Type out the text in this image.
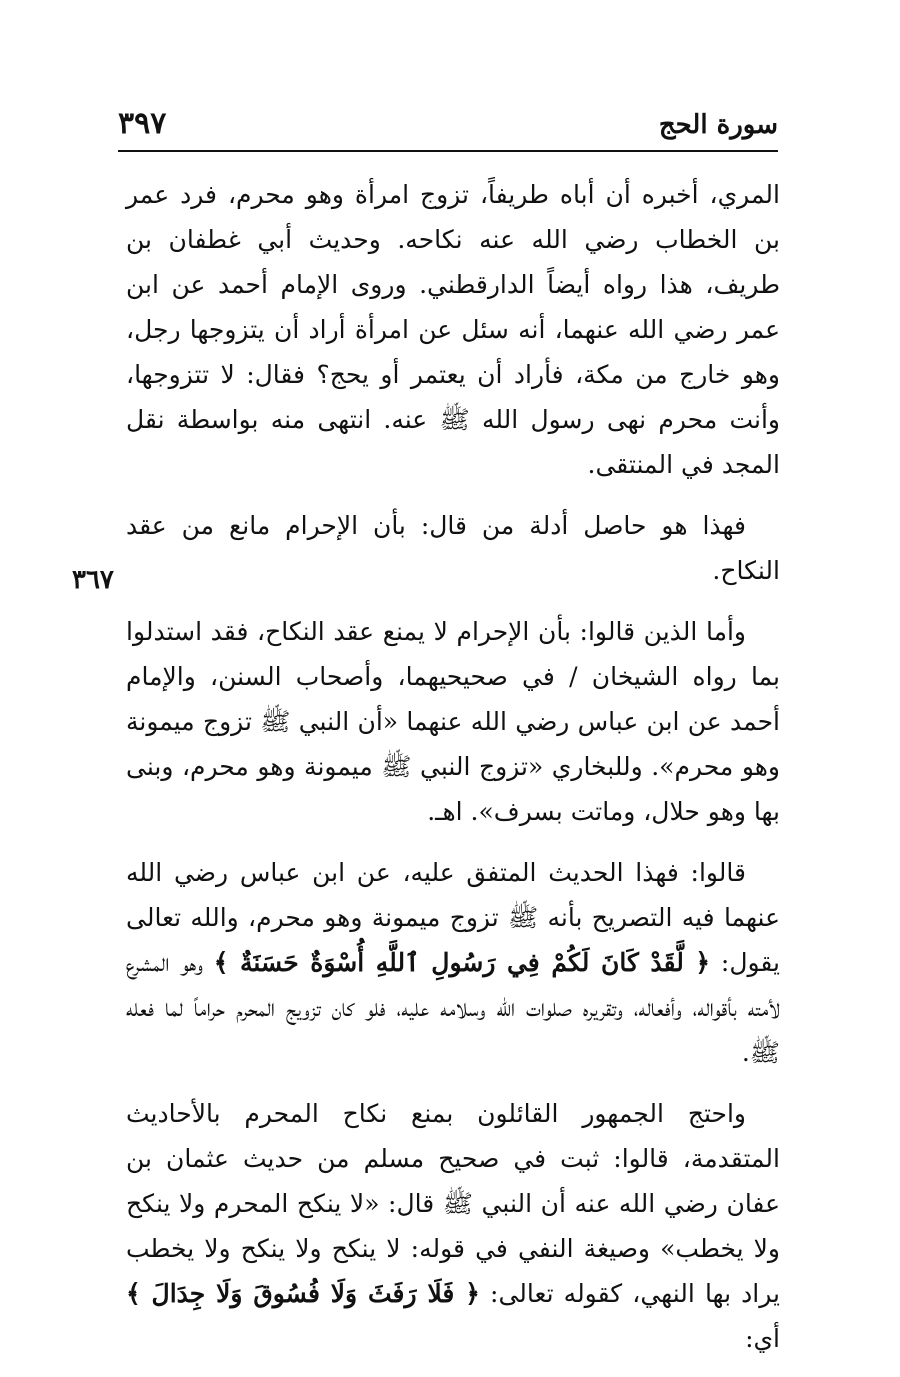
سورة الحج
٣٩٧
٣٦٧

المري، أخبره أن أباه طريفاً، تزوج امرأة وهو محرم، فرد عمر بن الخطاب رضي الله عنه نكاحه. وحديث أبي غطفان بن طريف، هذا رواه أيضاً الدارقطني. وروى الإمام أحمد عن ابن عمر رضي الله عنهما، أنه سئل عن امرأة أراد أن يتزوجها رجل، وهو خارج من مكة، فأراد أن يعتمر أو يحج؟ فقال: لا تتزوجها، وأنت محرم نهى رسول الله ﷺ عنه. انتهى منه بواسطة نقل المجد في المنتقى.

فهذا هو حاصل أدلة من قال: بأن الإحرام مانع من عقد النكاح.

وأما الذين قالوا: بأن الإحرام لا يمنع عقد النكاح، فقد استدلوا بما رواه الشيخان / في صحيحيهما، وأصحاب السنن، والإمام أحمد عن ابن عباس رضي الله عنهما «أن النبي ﷺ تزوج ميمونة وهو محرم». وللبخاري «تزوج النبي ﷺ ميمونة وهو محرم، وبنى بها وهو حلال، وماتت بسرف». اهـ.

قالوا: فهذا الحديث المتفق عليه، عن ابن عباس رضي الله عنهما فيه التصريح بأنه ﷺ تزوج ميمونة وهو محرم، والله تعالى يقول: ﴿ لَّقَدْ كَانَ لَكُمْ فِي رَسُولِ ٱللَّهِ أُسْوَةٌ حَسَنَةٌ ﴾ وهو المشرع لأمته بأقواله، وأفعاله، وتقريره صلوات الله وسلامه عليه، فلو كان تزويج المحرم حراماً لما فعله ﷺ.

واحتج الجمهور القائلون بمنع نكاح المحرم بالأحاديث المتقدمة، قالوا: ثبت في صحيح مسلم من حديث عثمان بن عفان رضي الله عنه أن النبي ﷺ قال: «لا ينكح المحرم ولا ينكح ولا يخطب» وصيغة النفي في قوله: لا ينكح ولا ينكح ولا يخطب يراد بها النهي، كقوله تعالى: ﴿ فَلَا رَفَثَ وَلَا فُسُوقَ وَلَا جِدَالَ ﴾ أي:
